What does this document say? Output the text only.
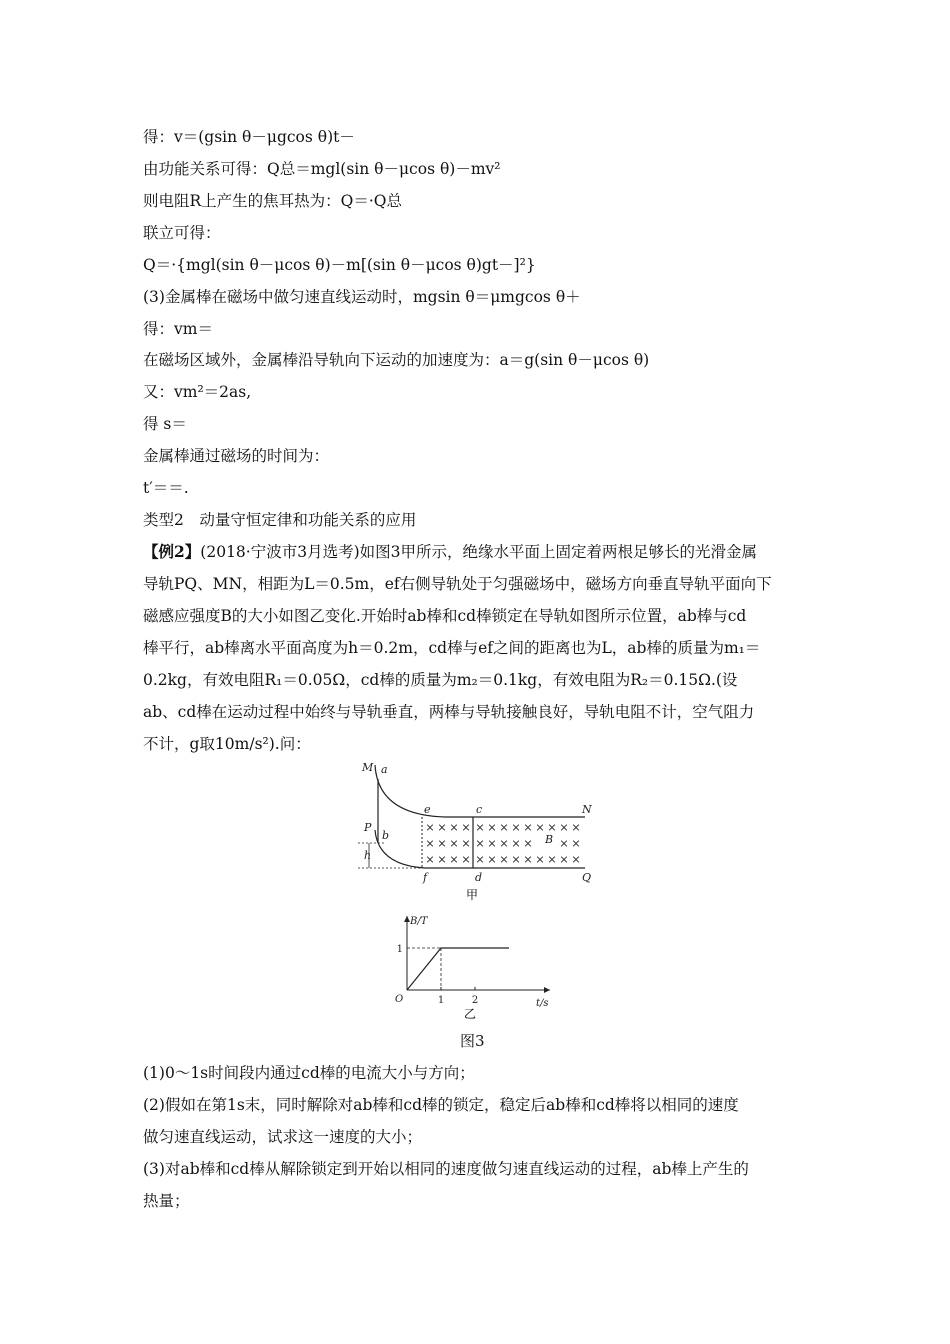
得：v＝(gsin θ－μgcos θ)t－
由功能关系可得：Q总＝mgl(sin θ－μcos θ)－mv²
则电阻R上产生的焦耳热为：Q＝·Q总
联立可得：
Q＝·{mgl(sin θ－μcos θ)－m[(sin θ－μcos θ)gt－]²}
(3)金属棒在磁场中做匀速直线运动时，mgsin θ＝μmgcos θ＋
得：vm＝
在磁场区域外，金属棒沿导轨向下运动的加速度为：a＝g(sin θ－μcos θ)
又：vm²＝2as,
得 s＝
金属棒通过磁场的时间为：
t′＝＝.
类型2　动量守恒定律和功能关系的应用
【例2】(2018·宁波市3月选考)如图3甲所示，绝缘水平面上固定着两根足够长的光滑金属
导轨PQ、MN，相距为L＝0.5m，ef右侧导轨处于匀强磁场中，磁场方向垂直导轨平面向下
磁感应强度B的大小如图乙变化.开始时ab棒和cd棒锁定在导轨如图所示位置，ab棒与cd
棒平行，ab棒离水平面高度为h＝0.2m，cd棒与ef之间的距离也为L，ab棒的质量为m₁＝
0.2kg，有效电阻R₁＝0.05Ω，cd棒的质量为m₂＝0.1kg，有效电阻为R₂＝0.15Ω.(设
ab、cd棒在运动过程中始终与导轨垂直，两棒与导轨接触良好，导轨电阻不计，空气阻力
不计，g取10m/s²).问：
× × × × × × × × × × × × ×
× × × × × × × × × × ×
× × × × × × × × × × × × ×
M a
P
b
h
e	c	N
f	d	Q
B
甲
B/T
t/s
O
1
1	2
乙
图3
(1)0～1s时间段内通过cd棒的电流大小与方向；
(2)假如在第1s末，同时解除对ab棒和cd棒的锁定，稳定后ab棒和cd棒将以相同的速度
做匀速直线运动，试求这一速度的大小；
(3)对ab棒和cd棒从解除锁定到开始以相同的速度做匀速直线运动的过程，ab棒上产生的
热量；
